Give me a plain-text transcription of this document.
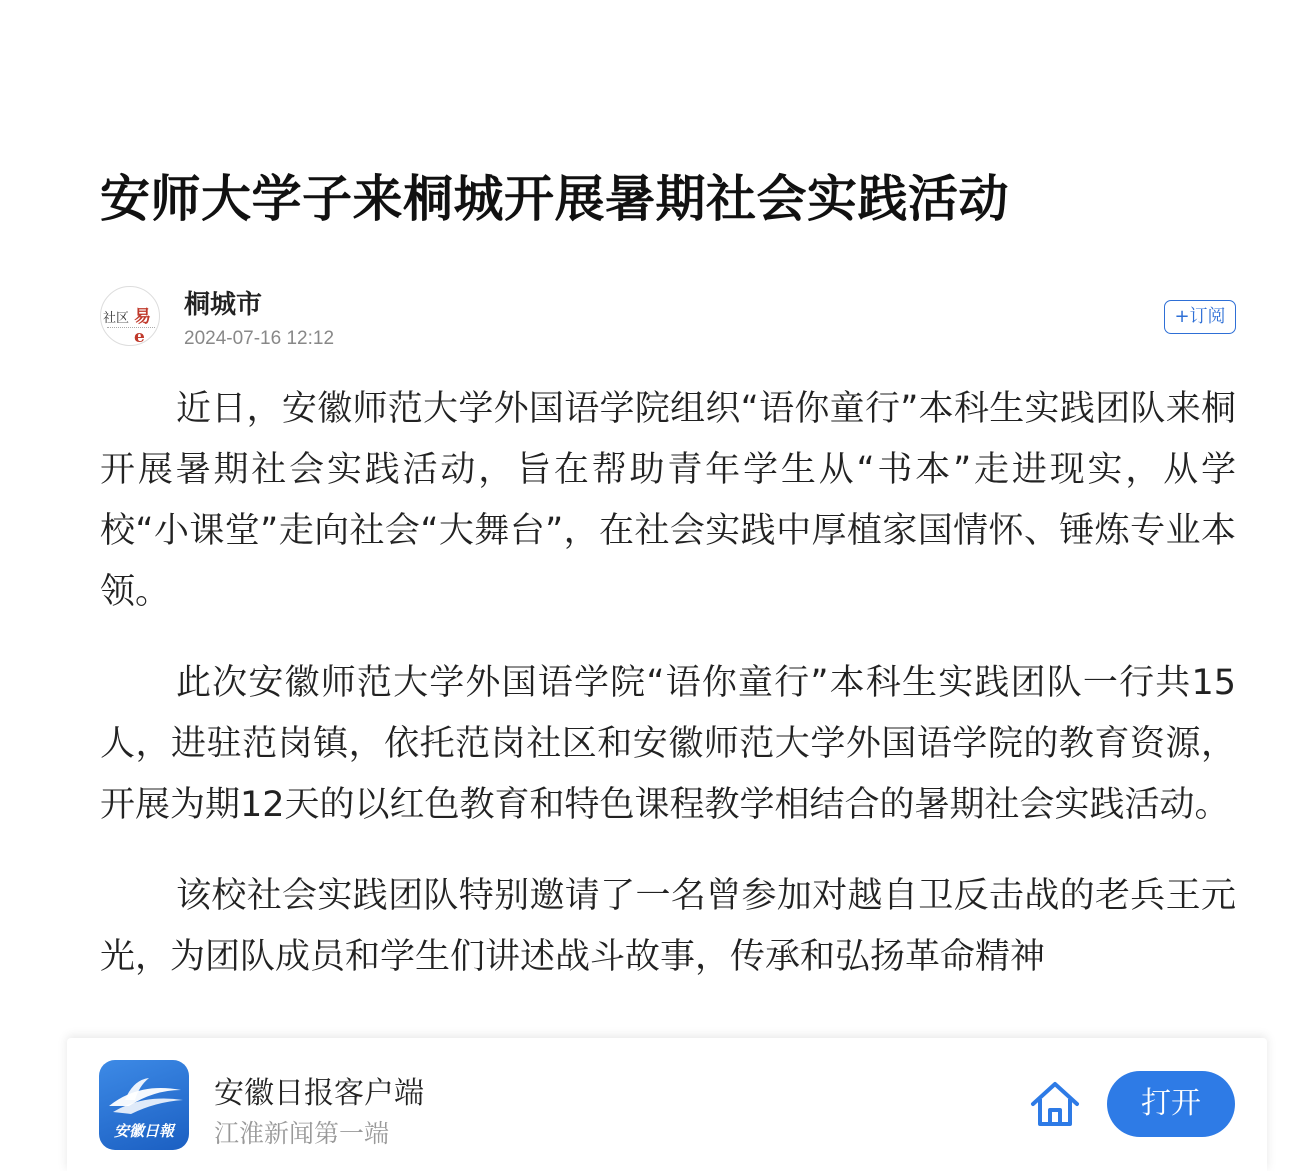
安师大学子来桐城开展暑期社会实践活动
社区 易e
桐城市
2024-07-16 12:12
+订阅

近日，安徽师范大学外国语学院组织“语你童行”本科生实践团队来桐开展暑期社会实践活动，旨在帮助青年学生从“书本”走进现实，从学校“小课堂”走向社会“大舞台”，在社会实践中厚植家国情怀、锤炼专业本领。

此次安徽师范大学外国语学院“语你童行”本科生实践团队一行共15人，进驻范岗镇，依托范岗社区和安徽师范大学外国语学院的教育资源，开展为期12天的以红色教育和特色课程教学相结合的暑期社会实践活动。

该校社会实践团队特别邀请了一名曾参加对越自卫反击战的老兵王元光，为团队成员和学生们讲述战斗故事，传承和弘扬革命精神

安徽日報
安徽日报客户端
江淮新闻第一端
打开
